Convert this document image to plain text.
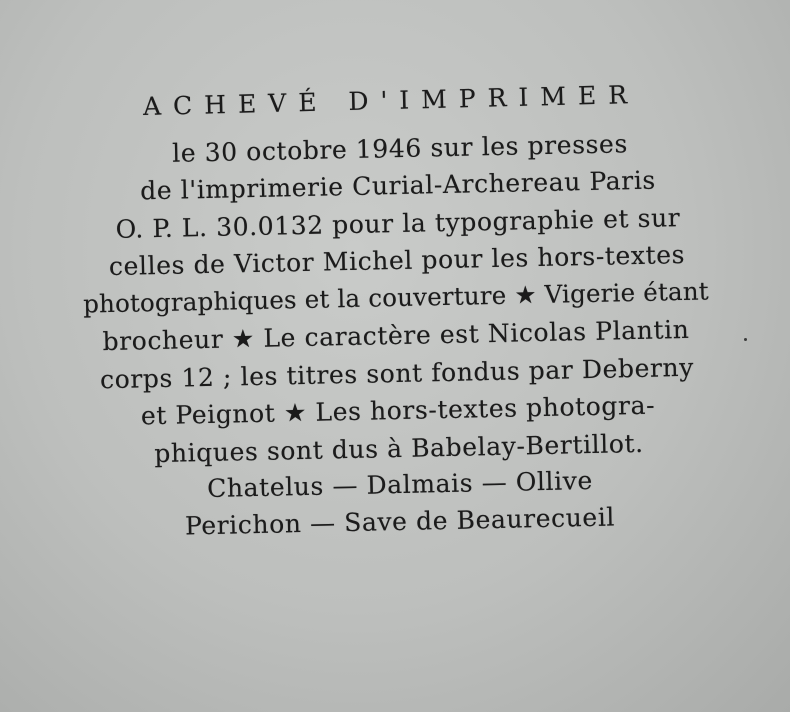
ACHEVÉ D'IMPRIMER
le 30 octobre 1946 sur les presses
de l'imprimerie Curial-Archereau Paris
O. P. L. 30.0132 pour la typographie et sur
celles de Victor Michel pour les hors-textes
photographiques et la couverture ★ Vigerie étant
brocheur ★ Le caractère est Nicolas Plantin
corps 12 ; les titres sont fondus par Deberny
et Peignot ★ Les hors-textes photogra-
phiques sont dus à Babelay-Bertillot.
Chatelus — Dalmais — Ollive
Perichon — Save de Beaurecueil
